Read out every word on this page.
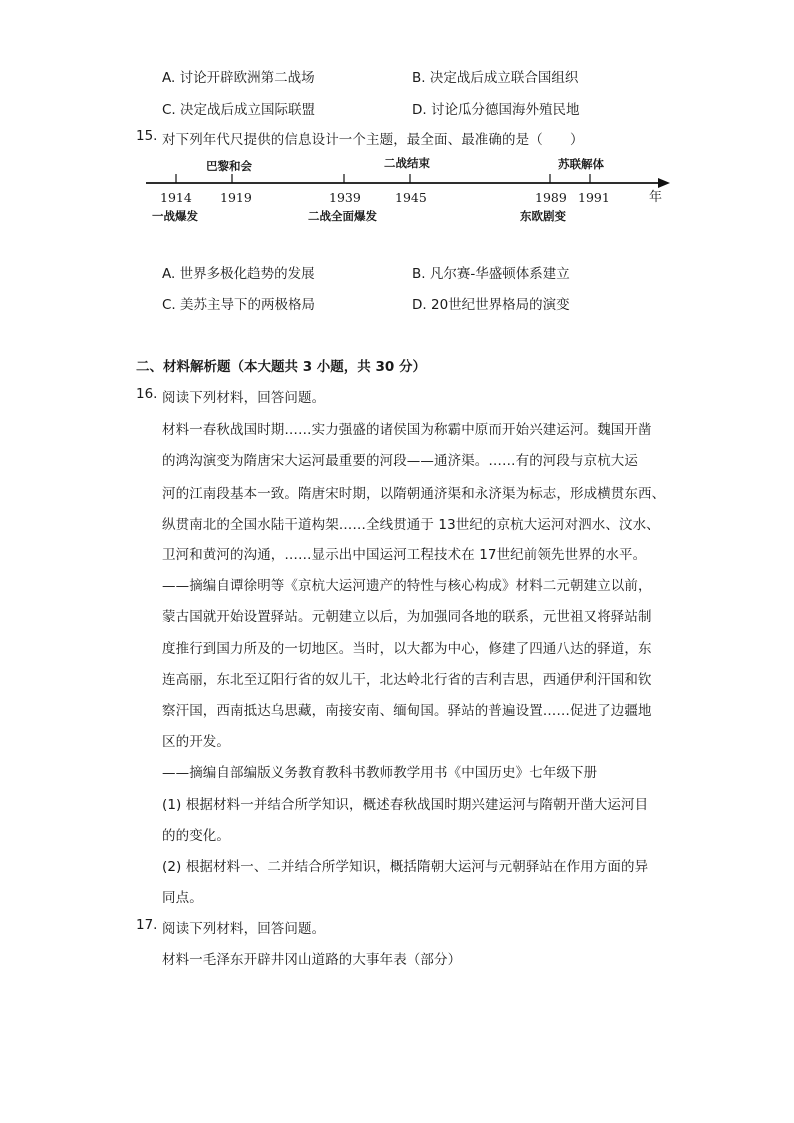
A. 讨论开辟欧洲第二战场	B. 决定战后成立联合国组织
C. 决定战后成立国际联盟	D. 讨论瓜分德国海外殖民地
15. 对下列年代尺提供的信息设计一个主题，最全面、最准确的是（　　）
巴黎和会	二战结束	苏联解体
1914 1919	1939	1945	1989 1991	年
一战爆发	二战全面爆发	东欧剧变
A. 世界多极化趋势的发展	B. 凡尔赛-华盛顿体系建立
C. 美苏主导下的两极格局	D. 20世纪世界格局的演变
二、材料解析题（本大题共 3 小题，共 30 分）
16. 阅读下列材料，回答问题。
材料一春秋战国时期……实力强盛的诸侯国为称霸中原而开始兴建运河。魏国开凿
的鸿沟演变为隋唐宋大运河最重要的河段——通济渠。……有的河段与京杭大运
河的江南段基本一致。隋唐宋时期，以隋朝通济渠和永济渠为标志，形成横贯东西、
纵贯南北的全国水陆干道构架……全线贯通于 13世纪的京杭大运河对泗水、汶水、
卫河和黄河的沟通，……显示出中国运河工程技术在 17世纪前领先世界的水平。
——摘编自谭徐明等《京杭大运河遗产的特性与核心构成》材料二元朝建立以前，
蒙古国就开始设置驿站。元朝建立以后，为加强同各地的联系，元世祖又将驿站制
度推行到国力所及的一切地区。当时，以大都为中心，修建了四通八达的驿道，东
连高丽，东北至辽阳行省的奴儿干，北达岭北行省的吉利吉思，西通伊利汗国和钦
察汗国，西南抵达乌思藏，南接安南、缅甸国。驿站的普遍设置……促进了边疆地
区的开发。
——摘编自部编版义务教育教科书教师教学用书《中国历史》七年级下册
(1) 根据材料一并结合所学知识，概述春秋战国时期兴建运河与隋朝开凿大运河目
的的变化。
(2) 根据材料一、二并结合所学知识，概括隋朝大运河与元朝驿站在作用方面的异
同点。
17. 阅读下列材料，回答问题。
材料一毛泽东开辟井冈山道路的大事年表（部分）
